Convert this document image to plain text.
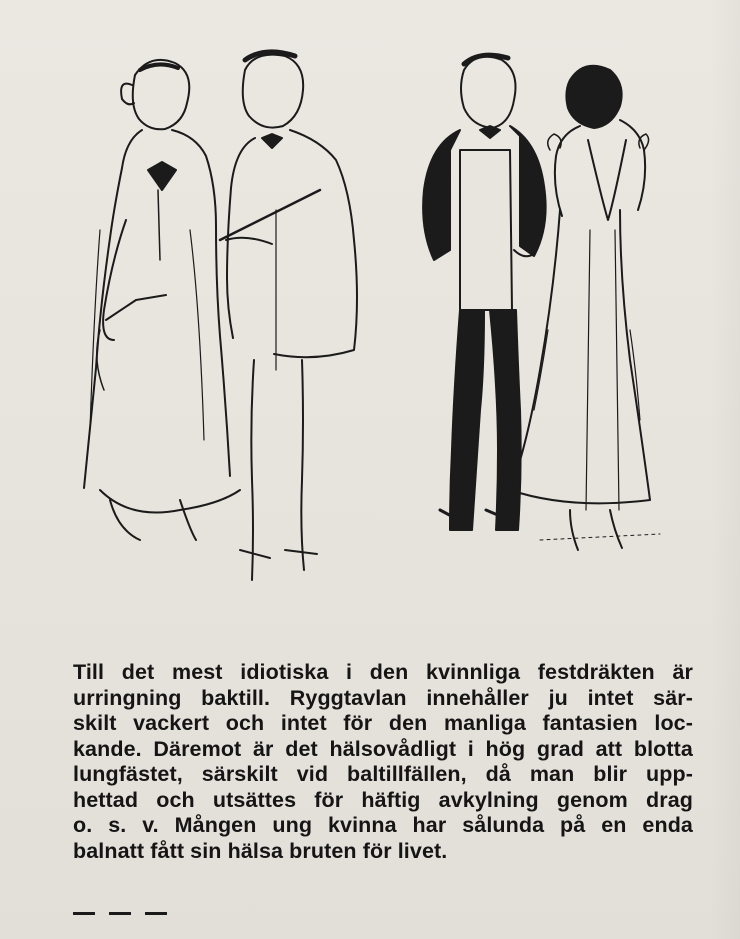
Till det mest idiotiska i den kvinnliga festdräkten är
urringning baktill. Ryggtavlan innehåller ju intet sär-
skilt vackert och intet för den manliga fantasien loc-
kande. Däremot är det hälsovådligt i hög grad att blotta
lungfästet, särskilt vid baltillfällen, då man blir upp-
hettad och utsättes för häftig avkylning genom drag
o. s. v. Mången ung kvinna har sålunda på en enda
balnatt fått sin hälsa bruten för livet.
